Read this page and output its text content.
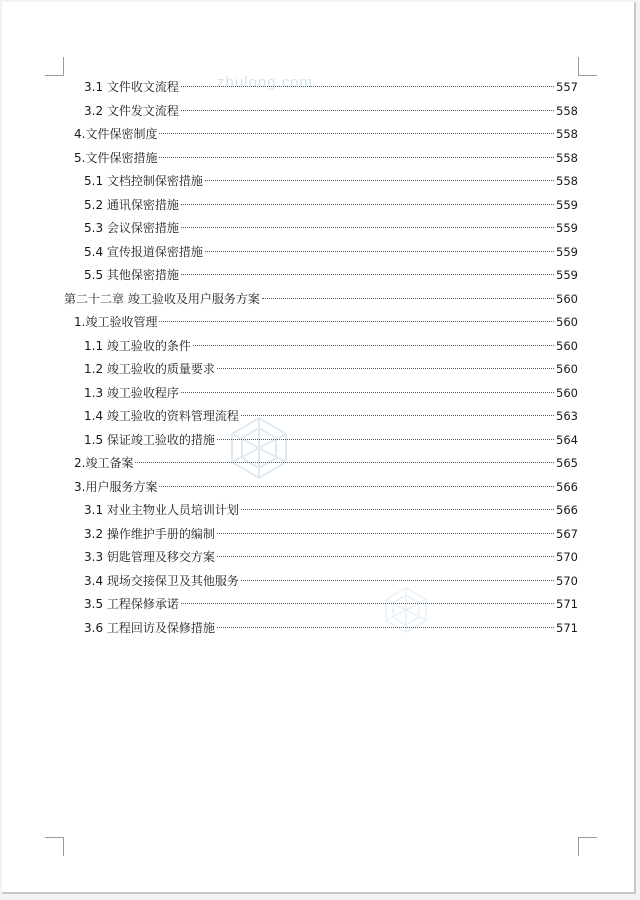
zhulong.com
3.1 文件收文流程	557
3.2 文件发文流程	558
4.文件保密制度	558
5.文件保密措施	558
5.1 文档控制保密措施	558
5.2 通讯保密措施	559
5.3 会议保密措施	559
5.4 宣传报道保密措施	559
5.5 其他保密措施	559
第二十二章 竣工验收及用户服务方案	560
1.竣工验收管理	560
1.1 竣工验收的条件	560
1.2 竣工验收的质量要求	560
1.3 竣工验收程序	560
1.4 竣工验收的资料管理流程	563
1.5 保证竣工验收的措施	564
2.竣工备案	565
3.用户服务方案	566
3.1 对业主物业人员培训计划	566
3.2 操作维护手册的编制	567
3.3 钥匙管理及移交方案	570
3.4 现场交接保卫及其他服务	570
3.5 工程保修承诺	571
3.6 工程回访及保修措施	571
